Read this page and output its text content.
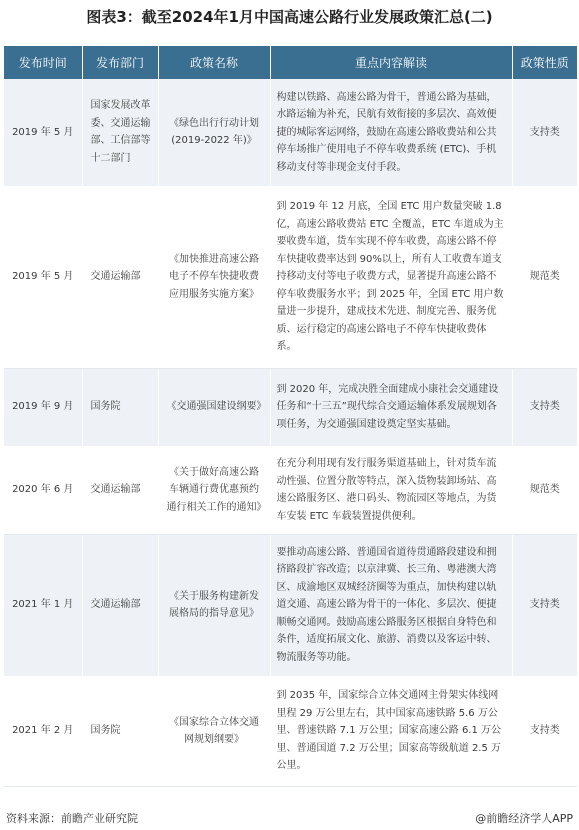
图表3：截至2024年1月中国高速公路行业发展政策汇总(二)
发布时间	发布部门	政策名称	重点内容解读	政策性质
2019 年 5 月	国家发展改革委、交通运输部、工信部等十二部门	《绿色出行行动计划(2019-2022 年)》	构建以铁路、高速公路为骨干，普通公路为基础，水路运输为补充，民航有效衔接的多层次、高效便捷的城际客运网络，鼓励在高速公路收费站和公共停车场推广使用电子不停车收费系统 (ETC)、手机移动支付等非现金支付手段。	支持类
2019 年 5 月	交通运输部	《加快推进高速公路电子不停车快捷收费应用服务实施方案》	到 2019 年 12 月底，全国 ETC 用户数量突破 1.8 亿，高速公路收费站 ETC 全覆盖，ETC 车道成为主要收费车道，货车实现不停车收费，高速公路不停车快捷收费率达到 90%以上，所有人工收费车道支持移动支付等电子收费方式，显著提升高速公路不停车收费服务水平；到 2025 年，全国 ETC 用户数量进一步提升，建成技术先进、制度完善、服务优质、运行稳定的高速公路电子不停车快捷收费体系。	规范类
2019 年 9 月	国务院	《交通强国建设纲要》	到 2020 年，完成决胜全面建成小康社会交通建设任务和“十三五”现代综合交通运输体系发展规划各项任务，为交通强国建设奠定坚实基础。	支持类
2020 年 6 月	交通运输部	《关于做好高速公路车辆通行费优惠预约通行相关工作的通知》	在充分利用现有发行服务渠道基础上，针对货车流动性强、位置分散等特点，深入货物装卸场站、高速公路服务区、港口码头、物流园区等地点，为货车安装 ETC 车载装置提供便利。	规范类
2021 年 1 月	交通运输部	《关于服务构建新发展格局的指导意见》	要推动高速公路、普通国省道待贯通路段建设和拥挤路段扩容改造；以京津冀、长三角、粤港澳大湾区、成渝地区双城经济圈等为重点，加快构建以轨道交通、高速公路为骨干的一体化、多层次、便捷顺畅交通网。鼓励高速公路服务区根据自身特色和条件，适度拓展文化、旅游、消费以及客运中转、物流服务等功能。	支持类
2021 年 2 月	国务院	《国家综合立体交通网规划纲要》	到 2035 年，国家综合立体交通网主骨架实体线网里程 29 万公里左右，其中国家高速铁路 5.6 万公里、普速铁路 7.1 万公里；国家高速公路 6.1 万公里、普通国道 7.2 万公里；国家高等级航道 2.5 万公里。	支持类
资料来源：前瞻产业研究院	@前瞻经济学人APP
